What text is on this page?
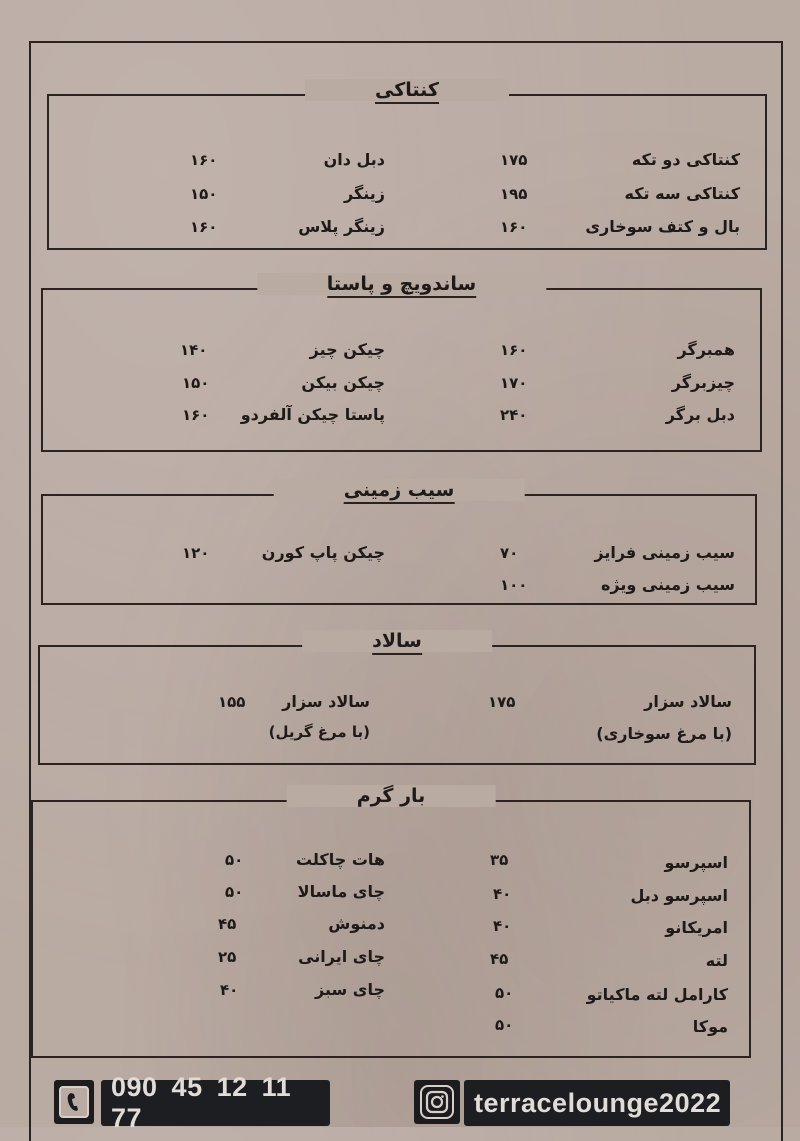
کنتاکی
کنتاکی دو تکه
۱۷۵
کنتاکی سه تکه
۱۹۵
بال و کتف سوخاری
۱۶۰
دبل دان
۱۶۰
زینگر
۱۵۰
زینگر پلاس
۱۶۰
ساندویچ و پاستا
همبرگر
۱۶۰
چیزبرگر
۱۷۰
دبل برگر
۲۴۰
چیکن چیز
۱۴۰
چیکن بیکن
۱۵۰
پاستا چیکن آلفردو
۱۶۰
سیب زمینی
سیب زمینی فرایز
۷۰
سیب زمینی ویژه
۱۰۰
چیکن پاپ کورن
۱۲۰
سالاد
سالاد سزار
(با مرغ سوخاری)
۱۷۵
سالاد سزار
(با مرغ گریل)
۱۵۵
بار گرم
اسپرسو
۳۵
اسپرسو دبل
۴۰
امریکانو
۴۰
لته
۴۵
کارامل لته ماکیاتو
۵۰
موکا
۵۰
هات چاکلت
۵۰
چای ماسالا
۵۰
دمنوش
۴۵
چای ایرانی
۲۵
چای سبز
۴۰
090 45 12 11 77
terracelounge2022
